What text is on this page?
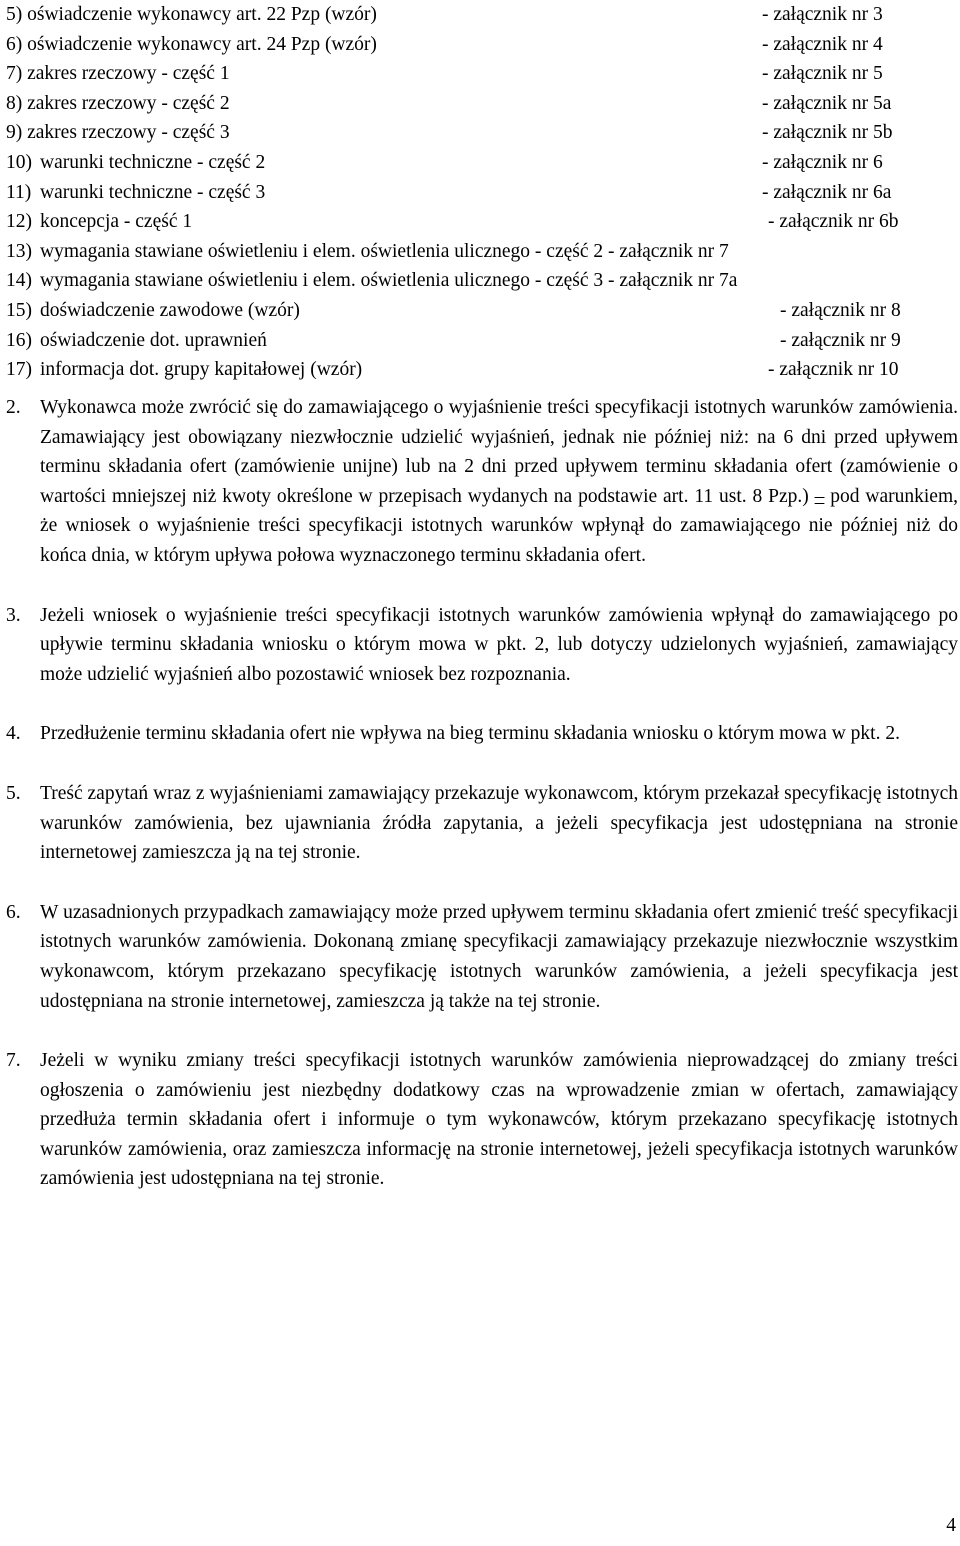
5) oświadczenie wykonawcy art. 22 Pzp (wzór)	- załącznik nr 3
6) oświadczenie wykonawcy art. 24 Pzp (wzór)	- załącznik nr 4
7) zakres rzeczowy - część 1	- załącznik nr 5
8) zakres rzeczowy - część 2	- załącznik nr 5a
9) zakres rzeczowy - część 3	- załącznik nr 5b
10) warunki techniczne - część 2	- załącznik nr 6
11) warunki techniczne - część 3	- załącznik nr 6a
12) koncepcja - część 1	- załącznik nr 6b
13) wymagania stawiane oświetleniu i elem. oświetlenia ulicznego - część 2 - załącznik nr 7
14) wymagania stawiane oświetleniu i elem. oświetlenia ulicznego - część 3 - załącznik nr 7a
15) doświadczenie zawodowe (wzór)	- załącznik nr 8
16) oświadczenie dot. uprawnień	- załącznik nr 9
17) informacja dot. grupy kapitałowej (wzór)	- załącznik nr 10

2. Wykonawca może zwrócić się do zamawiającego o wyjaśnienie treści specyfikacji istotnych warunków zamówienia. Zamawiający jest obowiązany niezwłocznie udzielić wyjaśnień, jednak nie później niż: na 6 dni przed upływem terminu składania ofert (zamówienie unijne) lub na 2 dni przed upływem terminu składania ofert (zamówienie o wartości mniejszej niż kwoty określone w przepisach wydanych na podstawie art. 11 ust. 8 Pzp.) – pod warunkiem, że wniosek o wyjaśnienie treści specyfikacji istotnych warunków wpłynął do zamawiającego nie później niż do końca dnia, w którym upływa połowa wyznaczonego terminu składania ofert.

3. Jeżeli wniosek o wyjaśnienie treści specyfikacji istotnych warunków zamówienia wpłynął do zamawiającego po upływie terminu składania wniosku o którym mowa w pkt. 2, lub dotyczy udzielonych wyjaśnień, zamawiający może udzielić wyjaśnień albo pozostawić wniosek bez rozpoznania.

4. Przedłużenie terminu składania ofert nie wpływa na bieg terminu składania wniosku o którym mowa w pkt. 2.

5. Treść zapytań wraz z wyjaśnieniami zamawiający przekazuje wykonawcom, którym przekazał specyfikację istotnych warunków zamówienia, bez ujawniania źródła zapytania, a jeżeli specyfikacja jest udostępniana na stronie internetowej zamieszcza ją na tej stronie.

6. W uzasadnionych przypadkach zamawiający może przed upływem terminu składania ofert zmienić treść specyfikacji istotnych warunków zamówienia. Dokonaną zmianę specyfikacji zamawiający przekazuje niezwłocznie wszystkim wykonawcom, którym przekazano specyfikację istotnych warunków zamówienia, a jeżeli specyfikacja jest udostępniana na stronie internetowej, zamieszcza ją także na tej stronie.

7. Jeżeli w wyniku zmiany treści specyfikacji istotnych warunków zamówienia nieprowadzącej do zmiany treści ogłoszenia o zamówieniu jest niezbędny dodatkowy czas na wprowadzenie zmian w ofertach, zamawiający przedłuża termin składania ofert i informuje o tym wykonawców, którym przekazano specyfikację istotnych warunków zamówienia, oraz zamieszcza informację na stronie internetowej, jeżeli specyfikacja istotnych warunków zamówienia jest udostępniana na tej stronie.

4
